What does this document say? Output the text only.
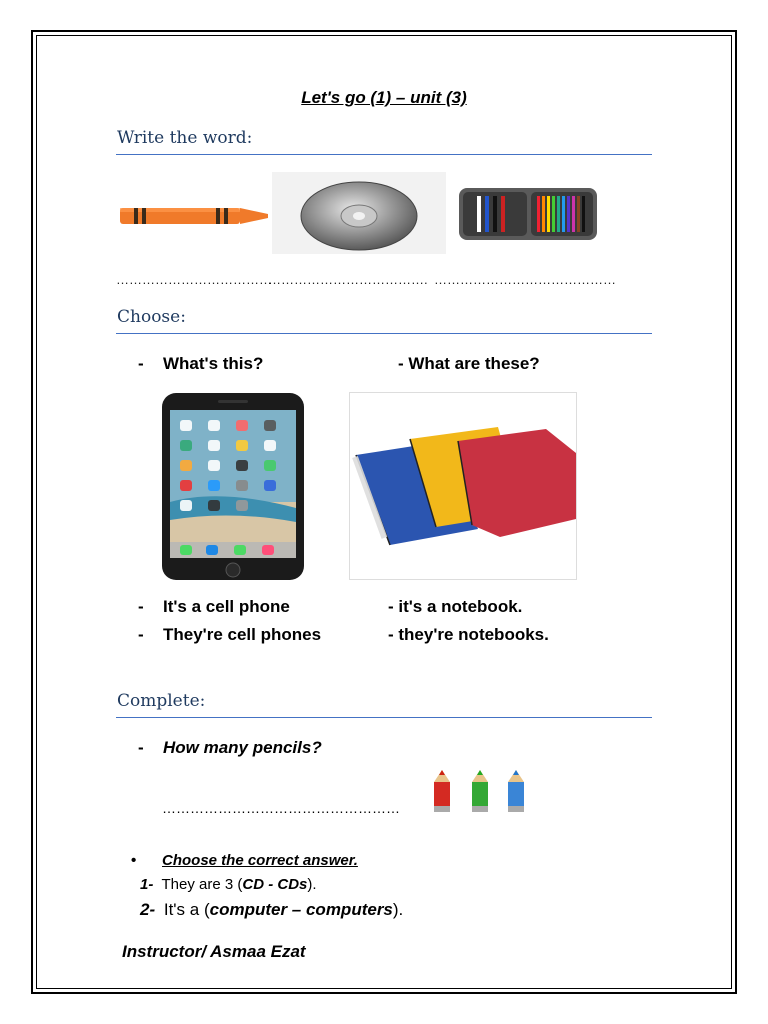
Let's go (1) – unit (3)
Write the word:
………………………………
………………………………. ……………………………………
Choose:
- What's this?	- What are these?
- It's a cell phone	- it's a notebook.
- They're cell phones	- they're notebooks.
Complete:
- How many pencils?
……………………………………………
• Choose the correct answer.
1- They are 3 (CD - CDs).
2- It's a (computer – computers).
Instructor/ Asmaa Ezat
